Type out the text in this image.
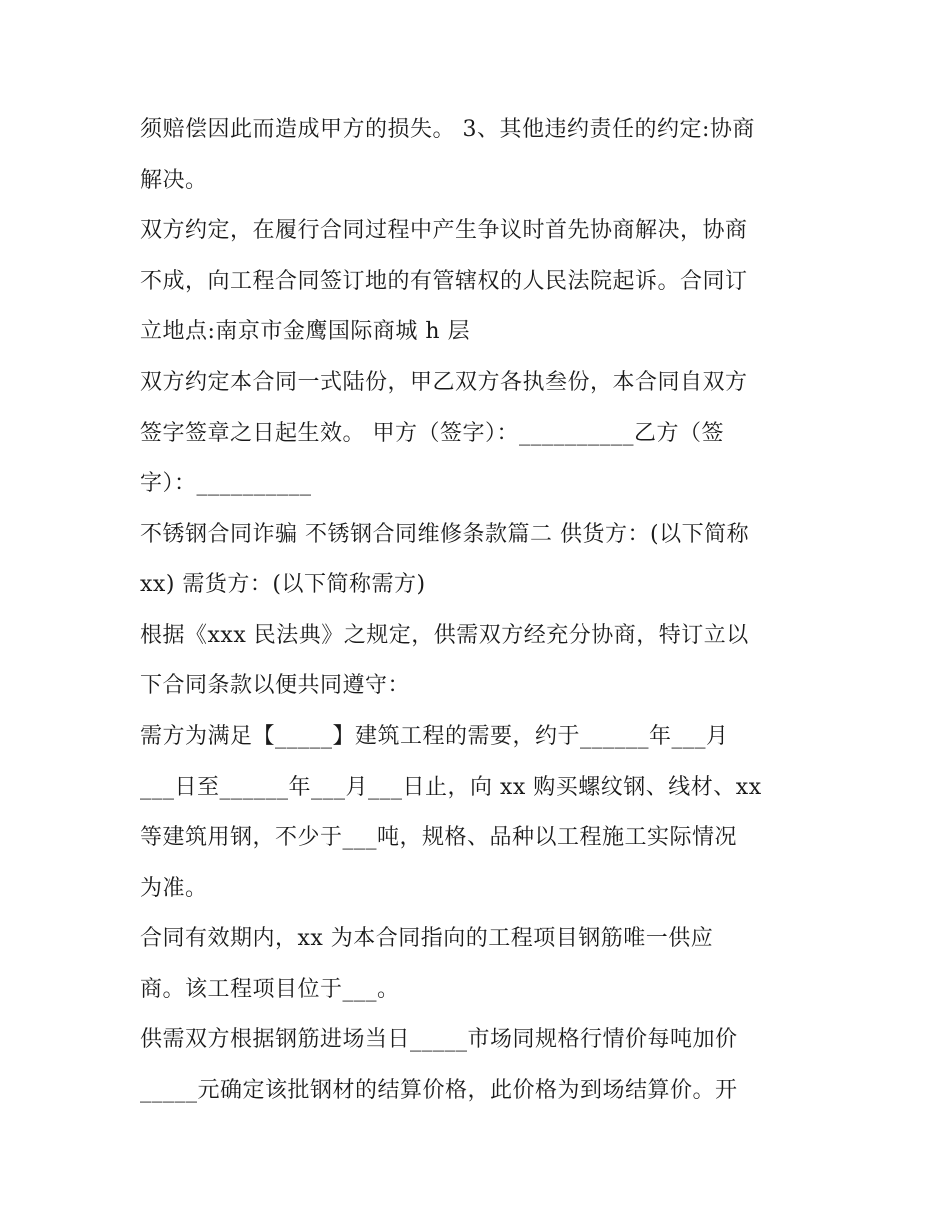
须赔偿因此而造成甲方的损失。 3、其他违约责任的约定:协商
解决。
双方约定，在履行合同过程中产生争议时首先协商解决，协商
不成，向工程合同签订地的有管辖权的人民法院起诉。合同订
立地点:南京市金鹰国际商城 h 层
双方约定本合同一式陆份，甲乙双方各执叁份，本合同自双方
签字签章之日起生效。 甲方（签字）：__________乙方（签
字）：__________
不锈钢合同诈骗 不锈钢合同维修条款篇二 供货方：(以下简称
xx) 需货方：(以下简称需方)
根据《xxx 民法典》之规定，供需双方经充分协商，特订立以
下合同条款以便共同遵守：
需方为满足【_____】建筑工程的需要，约于______年___月
___日至______年___月___日止，向 xx 购买螺纹钢、线材、xx
等建筑用钢，不少于___吨，规格、品种以工程施工实际情况
为准。
合同有效期内，xx 为本合同指向的工程项目钢筋唯一供应
商。该工程项目位于___。
供需双方根据钢筋进场当日_____市场同规格行情价每吨加价
_____元确定该批钢材的结算价格，此价格为到场结算价。开
